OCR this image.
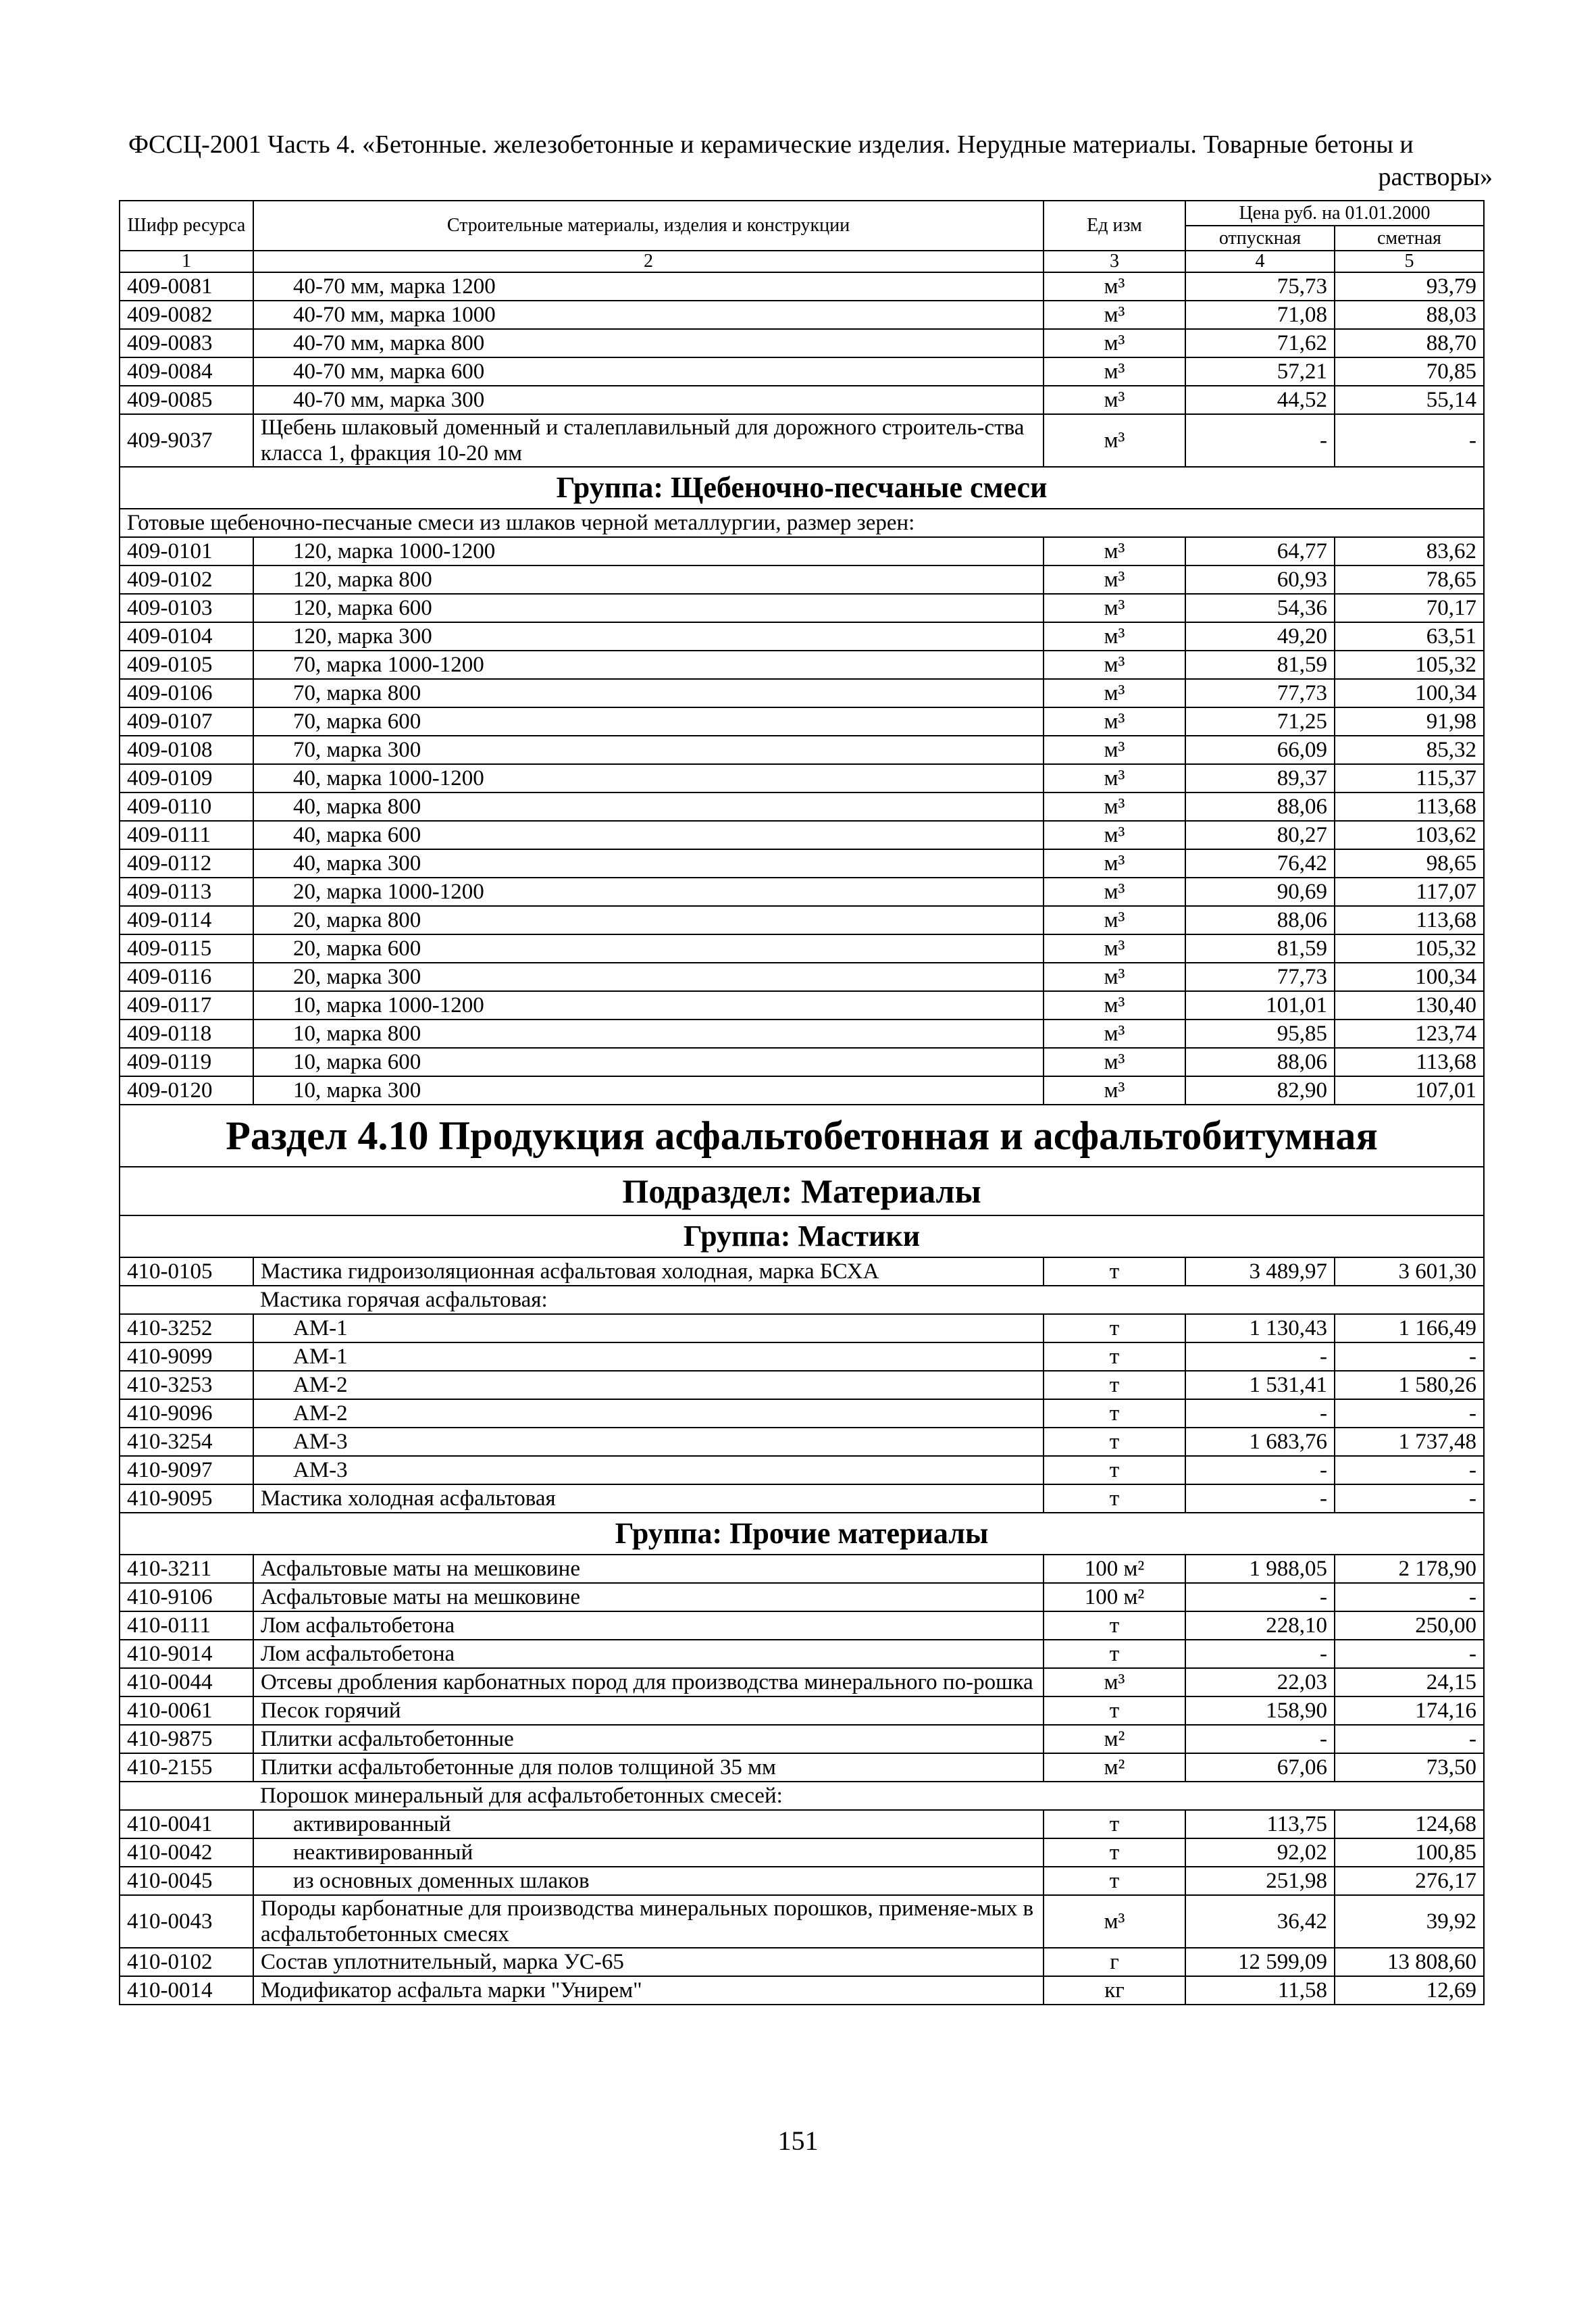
ФССЦ-2001 Часть 4. «Бетонные. железобетонные и керамические изделия. Нерудные материалы. Товарные бетоны и
растворы»
Шифр ресурса	Строительные материалы, изделия и конструкции	Ед изм	Цена руб. на 01.01.2000	
			отпускная	сметная
1	2	3	4	5
409-0081	40-70 мм, марка 1200	м³	75,73	93,79
409-0082	40-70 мм, марка 1000	м³	71,08	88,03
409-0083	40-70 мм, марка 800	м³	71,62	88,70
409-0084	40-70 мм, марка 600	м³	57,21	70,85
409-0085	40-70 мм, марка 300	м³	44,52	55,14
409-9037	Щебень шлаковый доменный и сталеплавильный для дорожного строитель-ства класса 1, фракция 10-20 мм	м³	-	-
Группа: Щебеночно-песчаные смеси				
Готовые щебеночно-песчаные смеси из шлаков черной металлургии, размер зерен:				
409-0101	120, марка 1000-1200	м³	64,77	83,62
409-0102	120, марка 800	м³	60,93	78,65
409-0103	120, марка 600	м³	54,36	70,17
409-0104	120, марка 300	м³	49,20	63,51
409-0105	70, марка 1000-1200	м³	81,59	105,32
409-0106	70, марка 800	м³	77,73	100,34
409-0107	70, марка 600	м³	71,25	91,98
409-0108	70, марка 300	м³	66,09	85,32
409-0109	40, марка 1000-1200	м³	89,37	115,37
409-0110	40, марка 800	м³	88,06	113,68
409-0111	40, марка 600	м³	80,27	103,62
409-0112	40, марка 300	м³	76,42	98,65
409-0113	20, марка 1000-1200	м³	90,69	117,07
409-0114	20, марка 800	м³	88,06	113,68
409-0115	20, марка 600	м³	81,59	105,32
409-0116	20, марка 300	м³	77,73	100,34
409-0117	10, марка 1000-1200	м³	101,01	130,40
409-0118	10, марка 800	м³	95,85	123,74
409-0119	10, марка 600	м³	88,06	113,68
409-0120	10, марка 300	м³	82,90	107,01
Раздел 4.10 Продукция асфальтобетонная и асфальтобитумная				
Подраздел: Материалы				
Группа: Мастики				
410-0105	Мастика гидроизоляционная асфальтовая холодная, марка БСХА	т	3 489,97	3 601,30
	Мастика горячая асфальтовая:			
410-3252	АМ-1	т	1 130,43	1 166,49
410-9099	АМ-1	т	-	-
410-3253	АМ-2	т	1 531,41	1 580,26
410-9096	АМ-2	т	-	-
410-3254	АМ-3	т	1 683,76	1 737,48
410-9097	АМ-3	т	-	-
410-9095	Мастика холодная асфальтовая	т	-	-
Группа: Прочие материалы				
410-3211	Асфальтовые маты на мешковине	100 м²	1 988,05	2 178,90
410-9106	Асфальтовые маты на мешковине	100 м²	-	-
410-0111	Лом асфальтобетона	т	228,10	250,00
410-9014	Лом асфальтобетона	т	-	-
410-0044	Отсевы дробления карбонатных пород для производства минерального по-рошка	м³	22,03	24,15
410-0061	Песок горячий	т	158,90	174,16
410-9875	Плитки асфальтобетонные	м²	-	-
410-2155	Плитки асфальтобетонные для полов толщиной 35 мм	м²	67,06	73,50
	Порошок минеральный для асфальтобетонных смесей:			
410-0041	активированный	т	113,75	124,68
410-0042	неактивированный	т	92,02	100,85
410-0045	из основных доменных шлаков	т	251,98	276,17
410-0043	Породы карбонатные для производства минеральных порошков, применяе-мых в асфальтобетонных смесях	м³	36,42	39,92
410-0102	Состав уплотнительный, марка УС-65	г	12 599,09	13 808,60
410-0014	Модификатор асфальта марки "Унирем"	кг	11,58	12,69
151
